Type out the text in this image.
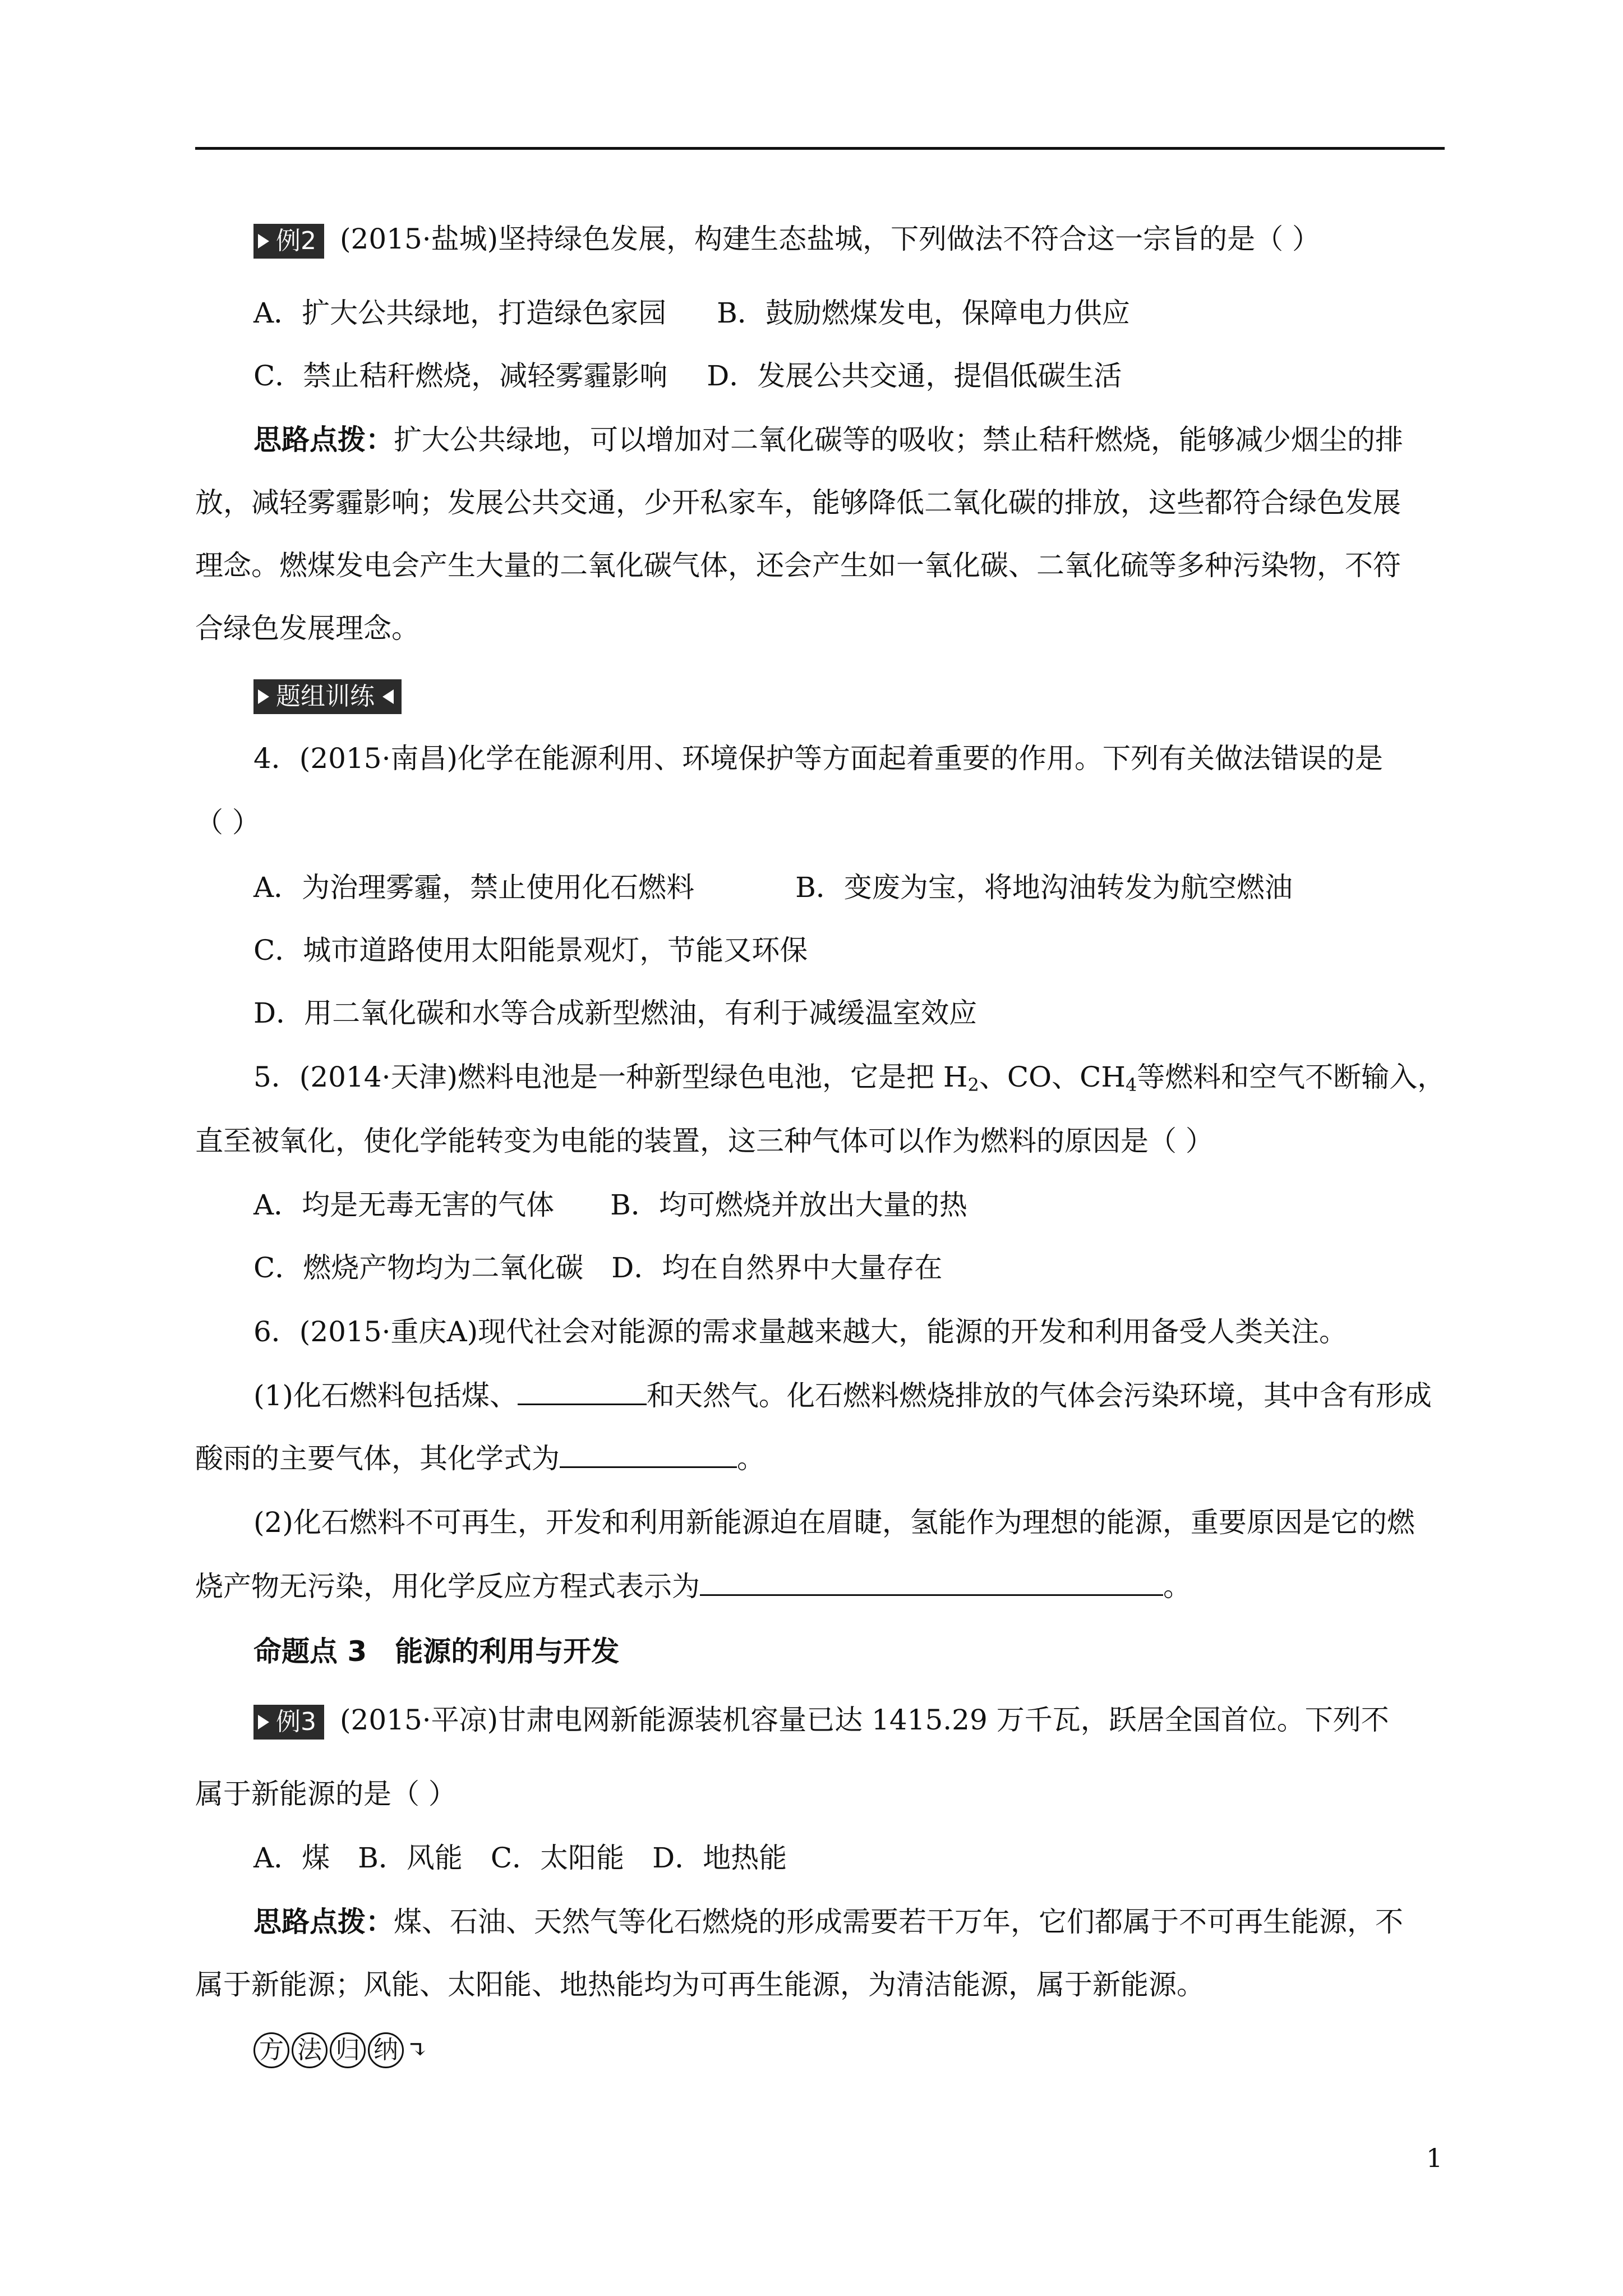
例2 (2015·盐城)坚持绿色发展，构建生态盐城，下列做法不符合这一宗旨的是（ ）
A．扩大公共绿地，打造绿色家园 B．鼓励燃煤发电，保障电力供应
C．禁止秸秆燃烧，减轻雾霾影响 D．发展公共交通，提倡低碳生活
思路点拨：扩大公共绿地，可以增加对二氧化碳等的吸收；禁止秸秆燃烧，能够减少烟尘的排
放，减轻雾霾影响；发展公共交通，少开私家车，能够降低二氧化碳的排放，这些都符合绿色发展
理念。燃煤发电会产生大量的二氧化碳气体，还会产生如一氧化碳、二氧化硫等多种污染物，不符
合绿色发展理念。
题组训练
4．(2015·南昌)化学在能源利用、环境保护等方面起着重要的作用。下列有关做法错误的是
（ ）
A．为治理雾霾，禁止使用化石燃料	B．变废为宝，将地沟油转发为航空燃油
C．城市道路使用太阳能景观灯，节能又环保
D．用二氧化碳和水等合成新型燃油，有利于减缓温室效应
5．(2014·天津)燃料电池是一种新型绿色电池，它是把 $H_2$、CO、$CH_4$等燃料和空气不断输入，
直至被氧化，使化学能转变为电能的装置，这三种气体可以作为燃料的原因是（ ）
A．均是无毒无害的气体 B．均可燃烧并放出大量的热
C．燃烧产物均为二氧化碳 D．均在自然界中大量存在
6．(2015·重庆A)现代社会对能源的需求量越来越大，能源的开发和利用备受人类关注。
(1)化石燃料包括煤、	和天然气。化石燃料燃烧排放的气体会污染环境，其中含有形成
酸雨的主要气体，其化学式为	。
(2)化石燃料不可再生，开发和利用新能源迫在眉睫，氢能作为理想的能源，重要原因是它的燃
烧产物无污染，用化学反应方程式表示为	。
命题点 3　能源的利用与开发
例3 (2015·平凉)甘肃电网新能源装机容量已达 1415.29 万千瓦，跃居全国首位。下列不
属于新能源的是（ ）
A．煤　B．风能　C．太阳能　D．地热能
思路点拨：煤、石油、天然气等化石燃烧的形成需要若干万年，它们都属于不可再生能源，不
属于新能源；风能、太阳能、地热能均为可再生能源，为清洁能源，属于新能源。
方 法 归 纳 ↴
1
